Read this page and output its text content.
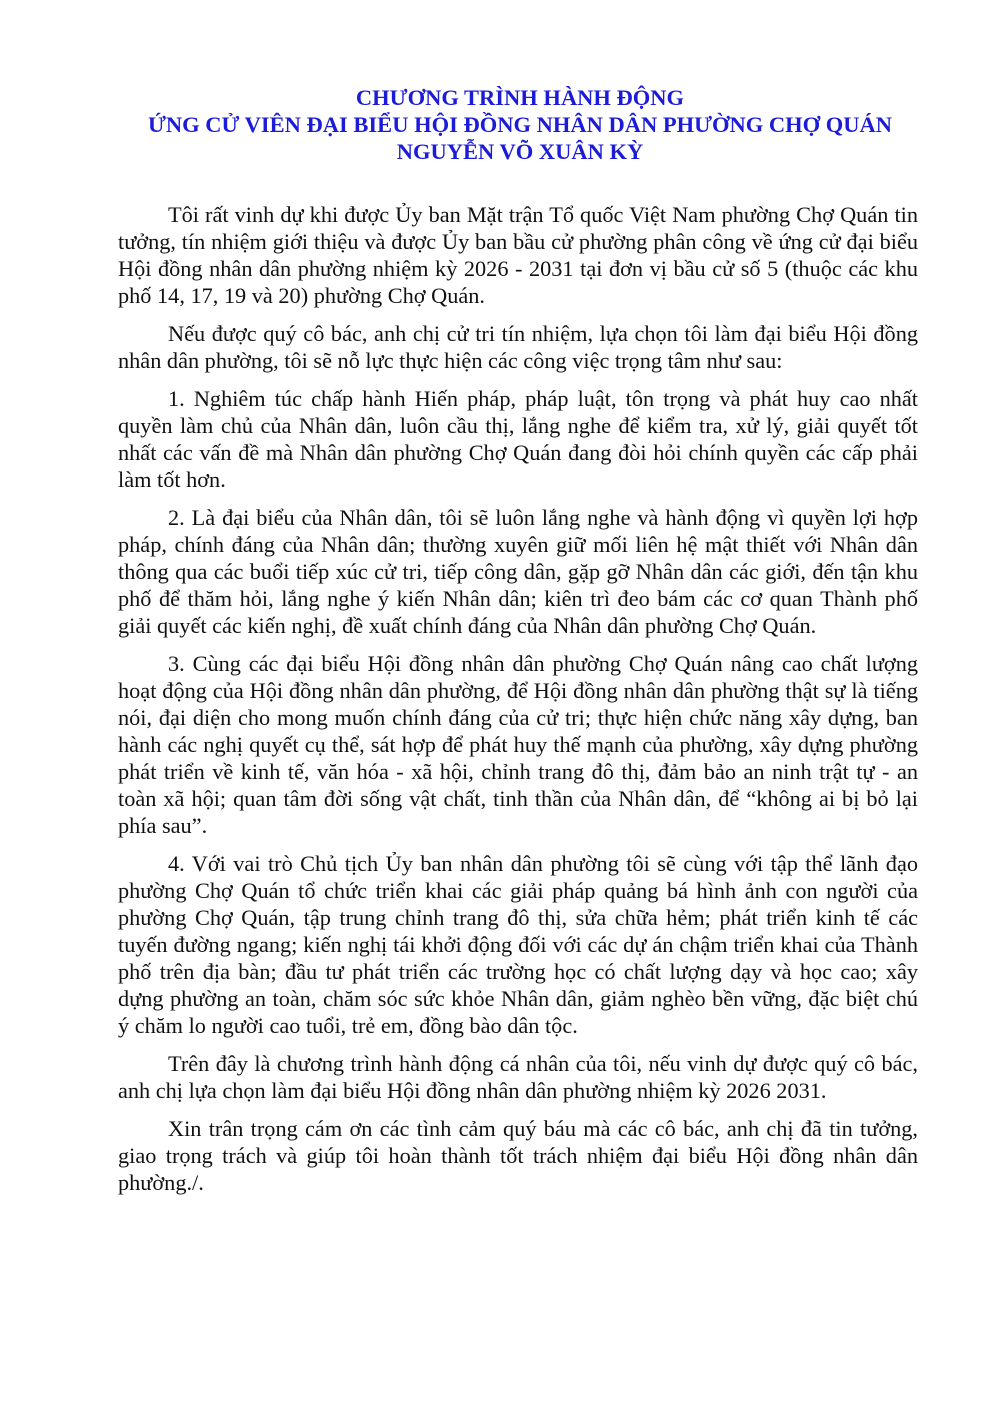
CHƯƠNG TRÌNH HÀNH ĐỘNG
ỨNG CỬ VIÊN ĐẠI BIỂU HỘI ĐỒNG NHÂN DÂN PHƯỜNG CHỢ QUÁN
NGUYỄN VÕ XUÂN KỲ

Tôi rất vinh dự khi được Ủy ban Mặt trận Tổ quốc Việt Nam phường Chợ Quán tin tưởng, tín nhiệm giới thiệu và được Ủy ban bầu cử phường phân công về ứng cử đại biểu Hội đồng nhân dân phường nhiệm kỳ 2026 - 2031 tại đơn vị bầu cử số 5 (thuộc các khu phố 14, 17, 19 và 20) phường Chợ Quán.

Nếu được quý cô bác, anh chị cử tri tín nhiệm, lựa chọn tôi làm đại biểu Hội đồng nhân dân phường, tôi sẽ nỗ lực thực hiện các công việc trọng tâm như sau:

1. Nghiêm túc chấp hành Hiến pháp, pháp luật, tôn trọng và phát huy cao nhất quyền làm chủ của Nhân dân, luôn cầu thị, lắng nghe để kiểm tra, xử lý, giải quyết tốt nhất các vấn đề mà Nhân dân phường Chợ Quán đang đòi hỏi chính quyền các cấp phải làm tốt hơn.

2. Là đại biểu của Nhân dân, tôi sẽ luôn lắng nghe và hành động vì quyền lợi hợp pháp, chính đáng của Nhân dân; thường xuyên giữ mối liên hệ mật thiết với Nhân dân thông qua các buổi tiếp xúc cử tri, tiếp công dân, gặp gỡ Nhân dân các giới, đến tận khu phố để thăm hỏi, lắng nghe ý kiến Nhân dân; kiên trì đeo bám các cơ quan Thành phố giải quyết các kiến nghị, đề xuất chính đáng của Nhân dân phường Chợ Quán.

3. Cùng các đại biểu Hội đồng nhân dân phường Chợ Quán nâng cao chất lượng hoạt động của Hội đồng nhân dân phường, để Hội đồng nhân dân phường thật sự là tiếng nói, đại diện cho mong muốn chính đáng của cử tri; thực hiện chức năng xây dựng, ban hành các nghị quyết cụ thể, sát hợp để phát huy thế mạnh của phường, xây dựng phường phát triển về kinh tế, văn hóa - xã hội, chỉnh trang đô thị, đảm bảo an ninh trật tự - an toàn xã hội; quan tâm đời sống vật chất, tinh thần của Nhân dân, để “không ai bị bỏ lại phía sau”.

4. Với vai trò Chủ tịch Ủy ban nhân dân phường tôi sẽ cùng với tập thể lãnh đạo phường Chợ Quán tổ chức triển khai các giải pháp quảng bá hình ảnh con người của phường Chợ Quán, tập trung chỉnh trang đô thị, sửa chữa hẻm; phát triển kinh tế các tuyến đường ngang; kiến nghị tái khởi động đối với các dự án chậm triển khai của Thành phố trên địa bàn; đầu tư phát triển các trường học có chất lượng dạy và học cao; xây dựng phường an toàn, chăm sóc sức khỏe Nhân dân, giảm nghèo bền vững, đặc biệt chú ý chăm lo người cao tuổi, trẻ em, đồng bào dân tộc.

Trên đây là chương trình hành động cá nhân của tôi, nếu vinh dự được quý cô bác, anh chị lựa chọn làm đại biểu Hội đồng nhân dân phường nhiệm kỳ 2026 2031.

Xin trân trọng cám ơn các tình cảm quý báu mà các cô bác, anh chị đã tin tưởng, giao trọng trách và giúp tôi hoàn thành tốt trách nhiệm đại biểu Hội đồng nhân dân phường./.
